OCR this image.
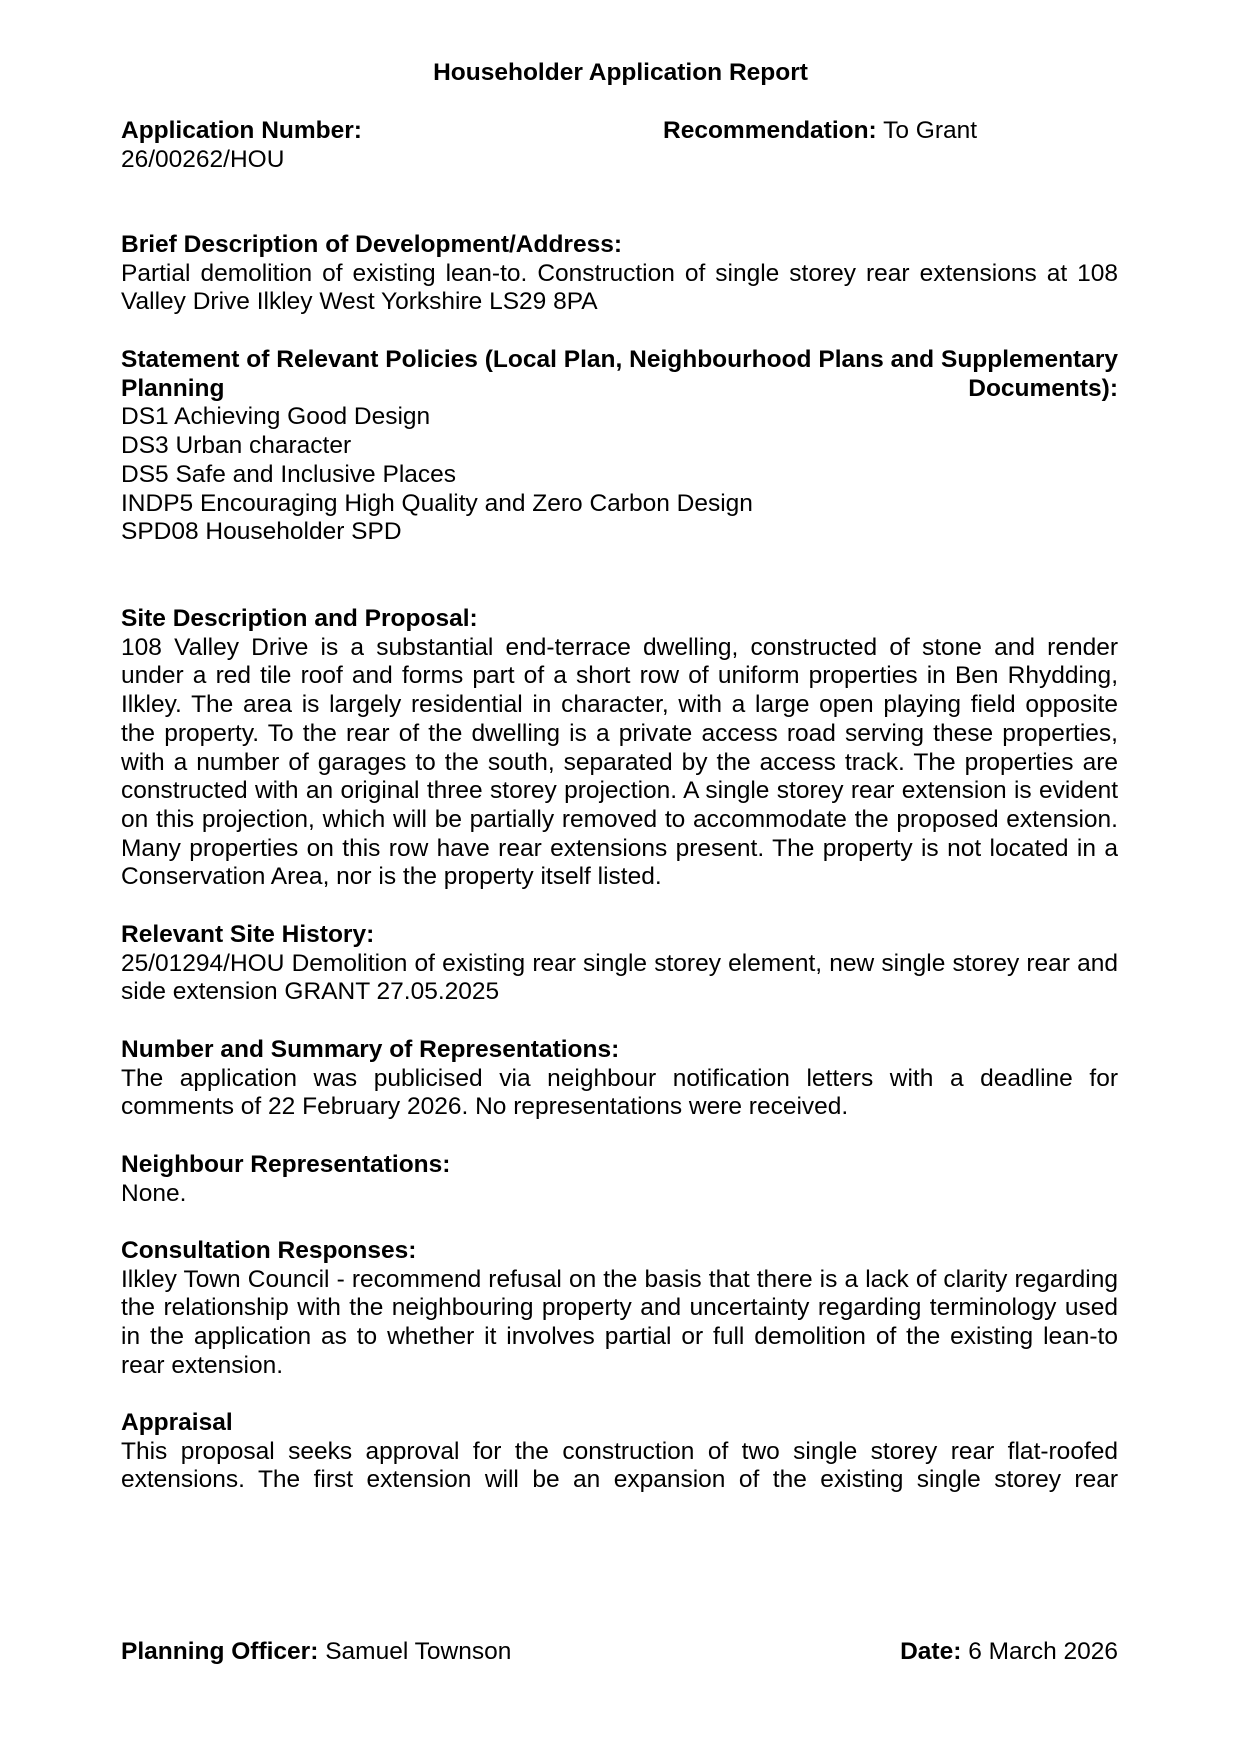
Householder Application Report
Application Number:
26/00262/HOU
Recommendation: To Grant
Brief Description of Development/Address:

Partial demolition of existing lean-to. Construction of single storey rear extensions at 108 Valley Drive Ilkley West Yorkshire LS29 8PA

Statement of Relevant Policies (Local Plan, Neighbourhood Plans and Supplementary Planning Documents):

DS1 Achieving Good Design

DS3 Urban character

DS5 Safe and Inclusive Places

INDP5 Encouraging High Quality and Zero Carbon Design

SPD08 Householder SPD

Site Description and Proposal:

108 Valley Drive is a substantial end-terrace dwelling, constructed of stone and render under a red tile roof and forms part of a short row of uniform properties in Ben Rhydding, Ilkley. The area is largely residential in character, with a large open playing field opposite the property. To the rear of the dwelling is a private access road serving these properties, with a number of garages to the south, separated by the access track. The properties are constructed with an original three storey projection. A single storey rear extension is evident on this projection, which will be partially removed to accommodate the proposed extension. Many properties on this row have rear extensions present. The property is not located in a Conservation Area, nor is the property itself listed.

Relevant Site History:

25/01294/HOU Demolition of existing rear single storey element, new single storey rear and side extension GRANT 27.05.2025

Number and Summary of Representations:

The application was publicised via neighbour notification letters with a deadline for comments of 22 February 2026. No representations were received.

Neighbour Representations:

None.

Consultation Responses:

Ilkley Town Council - recommend refusal on the basis that there is a lack of clarity regarding the relationship with the neighbouring property and uncertainty regarding terminology used in the application as to whether it involves partial or full demolition of the existing lean-to rear extension.

Appraisal

This proposal seeks approval for the construction of two single storey rear flat-roofed extensions. The first extension will be an expansion of the existing single storey rear

Planning Officer: Samuel Townson	Date: 6 March 2026
